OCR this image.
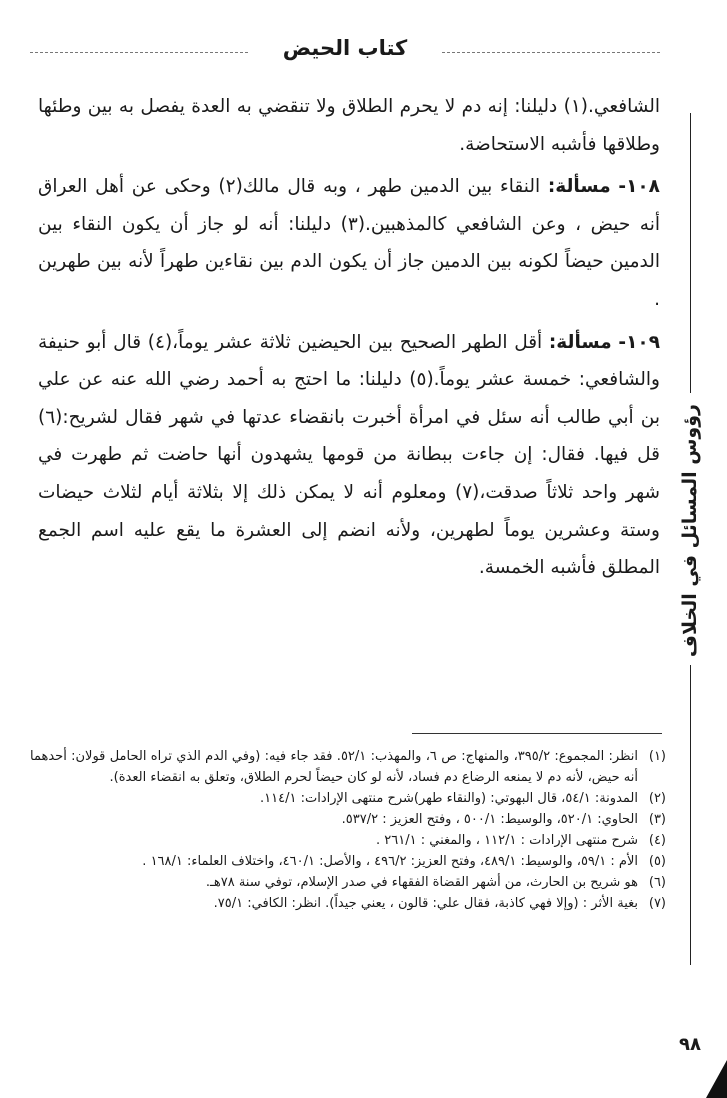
كتاب الحيض
رؤوس المسائل في الخلاف

الشافعي.(١) دليلنا: إنه دم لا يحرم الطلاق ولا تنقضي به العدة يفصل به بين وطئها وطلاقها فأشبه الاستحاضة.

١٠٨- مسألة: النقاء بين الدمين طهر ، وبه قال مالك(٢) وحكى عن أهل العراق أنه حيض ، وعن الشافعي كالمذهبين.(٣) دليلنا: أنه لو جاز أن يكون النقاء بين الدمين حيضاً لكونه بين الدمين جاز أن يكون الدم بين نقاءين طهراً لأنه بين طهرين .

١٠٩- مسألة: أقل الطهر الصحيح بين الحيضين ثلاثة عشر يوماً،(٤) قال أبو حنيفة والشافعي: خمسة عشر يوماً.(٥) دليلنا: ما احتج به أحمد رضي الله عنه عن علي بن أبي طالب أنه سئل في امرأة أخبرت بانقضاء عدتها في شهر فقال لشريح:(٦) قل فيها. فقال: إن جاءت ببطانة من قومها يشهدون أنها حاضت ثم طهرت في شهر واحد ثلاثاً صدقت،(٧) ومعلوم أنه لا يمكن ذلك إلا بثلاثة أيام لثلاث حيضات وستة وعشرين يوماً لطهرين، ولأنه انضم إلى العشرة ما يقع عليه اسم الجمع المطلق فأشبه الخمسة.

(١)
انظر: المجموع: ٣٩٥/٢، والمنهاج: ص ٦، والمهذب: ٥٢/١. فقد جاء فيه: (وفي الدم الذي تراه الحامل قولان: أحدهما أنه حيض، لأنه دم لا يمنعه الرضاع دم فساد، لأنه لو كان حيضاً لحرم الطلاق، وتعلق به انقضاء العدة).
(٢)
المدونة: ٥٤/١، قال البهوتي: (والنقاء طهر)شرح منتهى الإرادات: ١١٤/١.
(٣)
الحاوي: ٥٢٠/١، والوسيط: ٥٠٠/١ ، وفتح العزيز : ٥٣٧/٢.
(٤)
شرح منتهى الإرادات : ١١٢/١ ، والمغني : ٢٦١/١ .
(٥)
الأم : ٥٩/١، والوسيط: ٤٨٩/١، وفتح العزيز: ٤٩٦/٢ ، والأصل: ٤٦٠/١، واختلاف العلماء: ١٦٨/١ .
(٦)
هو شريح بن الحارث، من أشهر القضاة الفقهاء في صدر الإسلام، توفي سنة ٧٨هـ.
(٧)
بغية الأثر : (وإلا فهي كاذبة، فقال علي: قالون ، يعني جيداً). انظر: الكافي: ٧٥/١.
٩٨
